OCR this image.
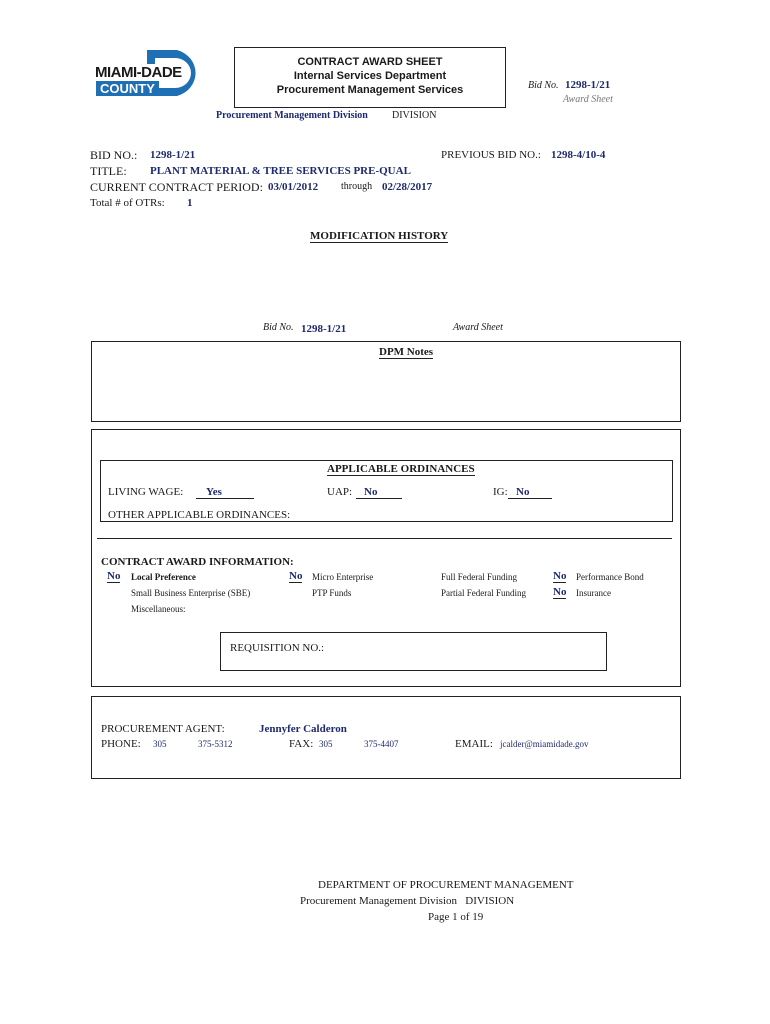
MIAMI-DADE
COUNTY
CONTRACT AWARD SHEET
Internal Services Department
Procurement Management Services	Bid No. 1298-1/21
Award Sheet
Procurement Management Division DIVISION
BID NO.: 1298-1/21	PREVIOUS BID NO.: 1298-4/10-4
TITLE: PLANT MATERIAL & TREE SERVICES PRE-QUAL
CURRENT CONTRACT PERIOD: 03/01/2012 through 02/28/2017
Total # of OTRs: 1
MODIFICATION HISTORY
Bid No. 1298-1/21	Award Sheet
DPM Notes
APPLICABLE ORDINANCES
LIVING WAGE:	Yes	UAP:	No	IG: No
OTHER APPLICABLE ORDINANCES:
CONTRACT AWARD INFORMATION:
No Local Preference	No Micro Enterprise	Full Federal Funding	No Performance Bond
Small Business Enterprise (SBE)	PTP Funds	Partial Federal Funding No Insurance
Miscellaneous:
REQUISITION NO.:
PROCUREMENT AGENT:	Jennyfer Calderon
PHONE: 305	375-5312	FAX: 305	375-4407	EMAIL: jcalder@miamidade.gov
DEPARTMENT OF PROCUREMENT MANAGEMENT
Procurement Management Division   DIVISION
Page 1 of 19
